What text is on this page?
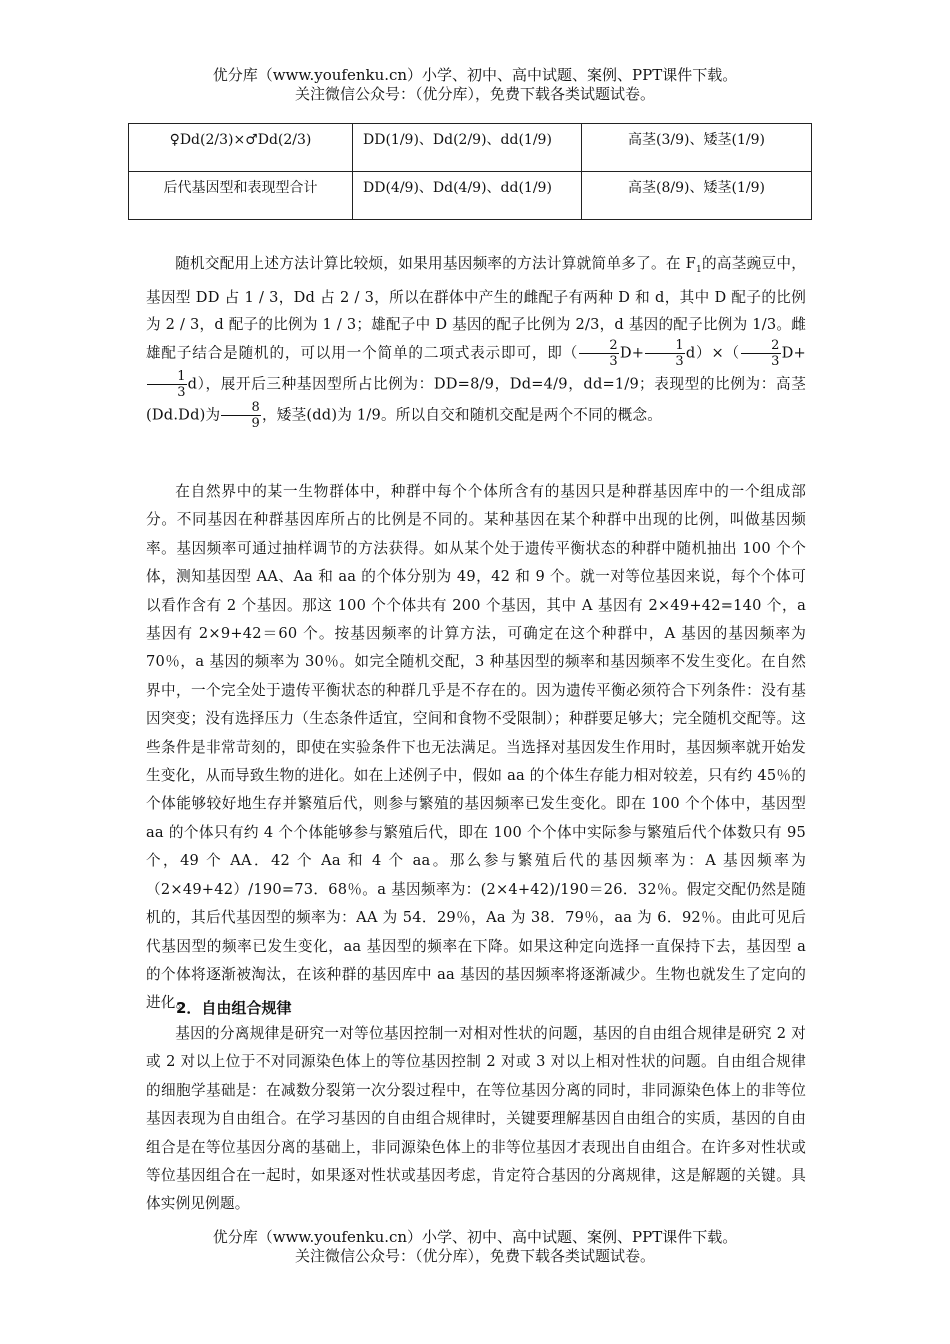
优分库（www.youfenku.cn）小学、初中、高中试题、案例、PPT课件下载。
关注微信公众号：（优分库），免费下载各类试题试卷。
♀Dd(2/3)×♂Dd(2/3)	DD(1/9)、Dd(2/9)、dd(1/9)	高茎(3/9)、矮茎(1/9)
后代基因型和表现型合计	DD(4/9)、Dd(4/9)、dd(1/9)	高茎(8/9)、矮茎(1/9)

随机交配用上述方法计算比较烦，如果用基因频率的方法计算就简单多了。在 $F_1$的高茎豌豆中，基因型 DD 占 1 / 3，Dd 占 2 / 3，所以在群体中产生的雌配子有两种 D 和 d，其中 D 配子的比例为 2 / 3，d 配子的比例为 1 / 3；雄配子中 D 基因的配子比例为 2/3，d 基因的配子比例为 1/3。雌雄配子结合是随机的，可以用一个简单的二项式表示即可，即（ $\frac{2}{3} D+ \frac{1}{3} d)\times( \frac{2}{3} D+$
$\frac{1}{3} d$），展开后三种基因型所占比例为：DD=8/9，Dd=4/9，dd=1/9；表现型的比例为：高茎(Dd.Dd)为 $\frac{8}{9}$ ，矮茎(dd)为 1/9。所以自交和随机交配是两个不同的概念。

在自然界中的某一生物群体中，种群中每个个体所含有的基因只是种群基因库中的一个组成部分。不同基因在种群基因库所占的比例是不同的。某种基因在某个种群中出现的比例，叫做基因频率。基因频率可通过抽样调节的方法获得。如从某个处于遗传平衡状态的种群中随机抽出 100 个个体，测知基因型 AA、Aa 和 aa 的个体分别为 49，42 和 9 个。就一对等位基因来说，每个个体可以看作含有 2 个基因。那这 100 个个体共有 200 个基因，其中 A 基因有 2×49+42=140 个，a 基因有 2×9+42＝60 个。按基因频率的计算方法，可确定在这个种群中，A 基因的基因频率为 70％，a 基因的频率为 30％。如完全随机交配，3 种基因型的频率和基因频率不发生变化。在自然界中，一个完全处于遗传平衡状态的种群几乎是不存在的。因为遗传平衡必须符合下列条件：没有基因突变；没有选择压力（生态条件适宜，空间和食物不受限制）；种群要足够大；完全随机交配等。这些条件是非常苛刻的，即使在实验条件下也无法满足。当选择对基因发生作用时，基因频率就开始发生变化，从而导致生物的进化。如在上述例子中，假如 aa 的个体生存能力相对较差，只有约 45％的个体能够较好地生存并繁殖后代，则参与繁殖的基因频率已发生变化。即在 100 个个体中，基因型 aa 的个体只有约 4 个个体能够参与繁殖后代，即在 100 个个体中实际参与繁殖后代个体数只有 95 个，49 个 AA．42 个 Aa 和 4 个 aa。那么参与繁殖后代的基因频率为：A 基因频率为（2×49+42）/190=73．68％。a 基因频率为：(2×4+42)/190＝26．32％。假定交配仍然是随机的，其后代基因型的频率为：AA 为 54．29％，Aa 为 38．79％，aa 为 6．92％。由此可见后代基因型的频率已发生变化，aa 基因型的频率在下降。如果这种定向选择一直保持下去，基因型 a 的个体将逐渐被淘汰，在该种群的基因库中 aa 基因的基因频率将逐渐减少。生物也就发生了定向的进化。

2．自由组合规律

基因的分离规律是研究一对等位基因控制一对相对性状的问题，基因的自由组合规律是研究 2 对或 2 对以上位于不对同源染色体上的等位基因控制 2 对或 3 对以上相对性状的问题。自由组合规律的细胞学基础是：在减数分裂第一次分裂过程中，在等位基因分离的同时，非同源染色体上的非等位基因表现为自由组合。在学习基因的自由组合规律时，关键要理解基因自由组合的实质，基因的自由组合是在等位基因分离的基础上，非同源染色体上的非等位基因才表现出自由组合。在许多对性状或等位基因组合在一起时，如果逐对性状或基因考虑，肯定符合基因的分离规律，这是解题的关键。具体实例见例题。

优分库（www.youfenku.cn）小学、初中、高中试题、案例、PPT课件下载。
关注微信公众号：（优分库），免费下载各类试题试卷。
